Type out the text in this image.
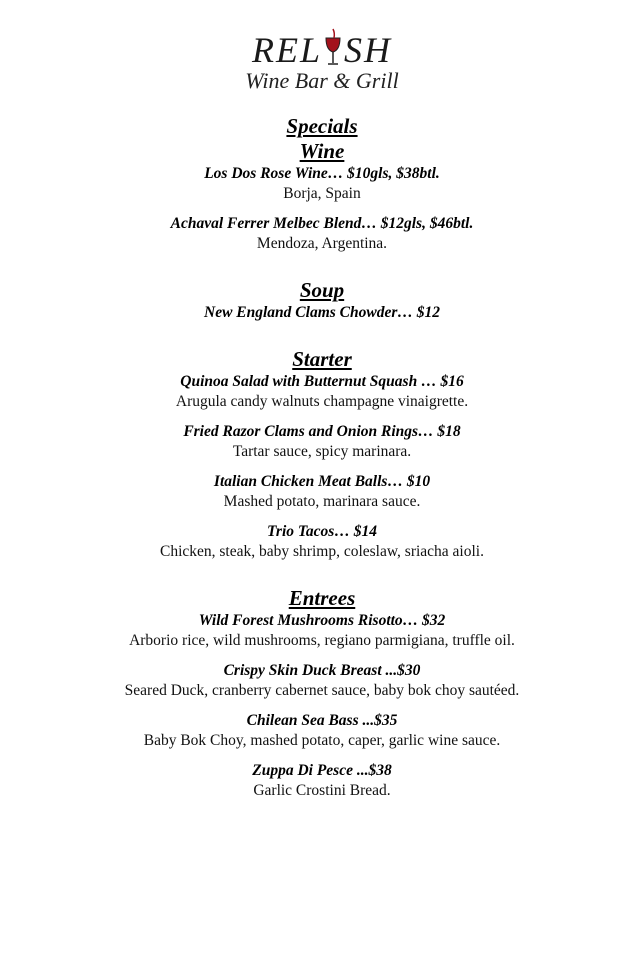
REL SH
Wine Bar & Grill
Specials
Wine
Los Dos Rose Wine… $10gls, $38btl.
Borja, Spain
Achaval Ferrer Melbec Blend… $12gls, $46btl.
Mendoza, Argentina.
Soup
New England Clams Chowder… $12
Starter
Quinoa Salad with Butternut Squash … $16
Arugula candy walnuts champagne vinaigrette.
Fried Razor Clams and Onion Rings… $18
Tartar sauce, spicy marinara.
Italian Chicken Meat Balls… $10
Mashed potato, marinara sauce.
Trio Tacos… $14
Chicken, steak, baby shrimp, coleslaw, sriacha aioli.
Entrees
Wild Forest Mushrooms Risotto… $32
Arborio rice, wild mushrooms, regiano parmigiana, truffle oil.
Crispy Skin Duck Breast ...$30
Seared Duck, cranberry cabernet sauce, baby bok choy sautéed.
Chilean Sea Bass ...$35
Baby Bok Choy, mashed potato, caper, garlic wine sauce.
Zuppa Di Pesce ...$38
Garlic Crostini Bread.
